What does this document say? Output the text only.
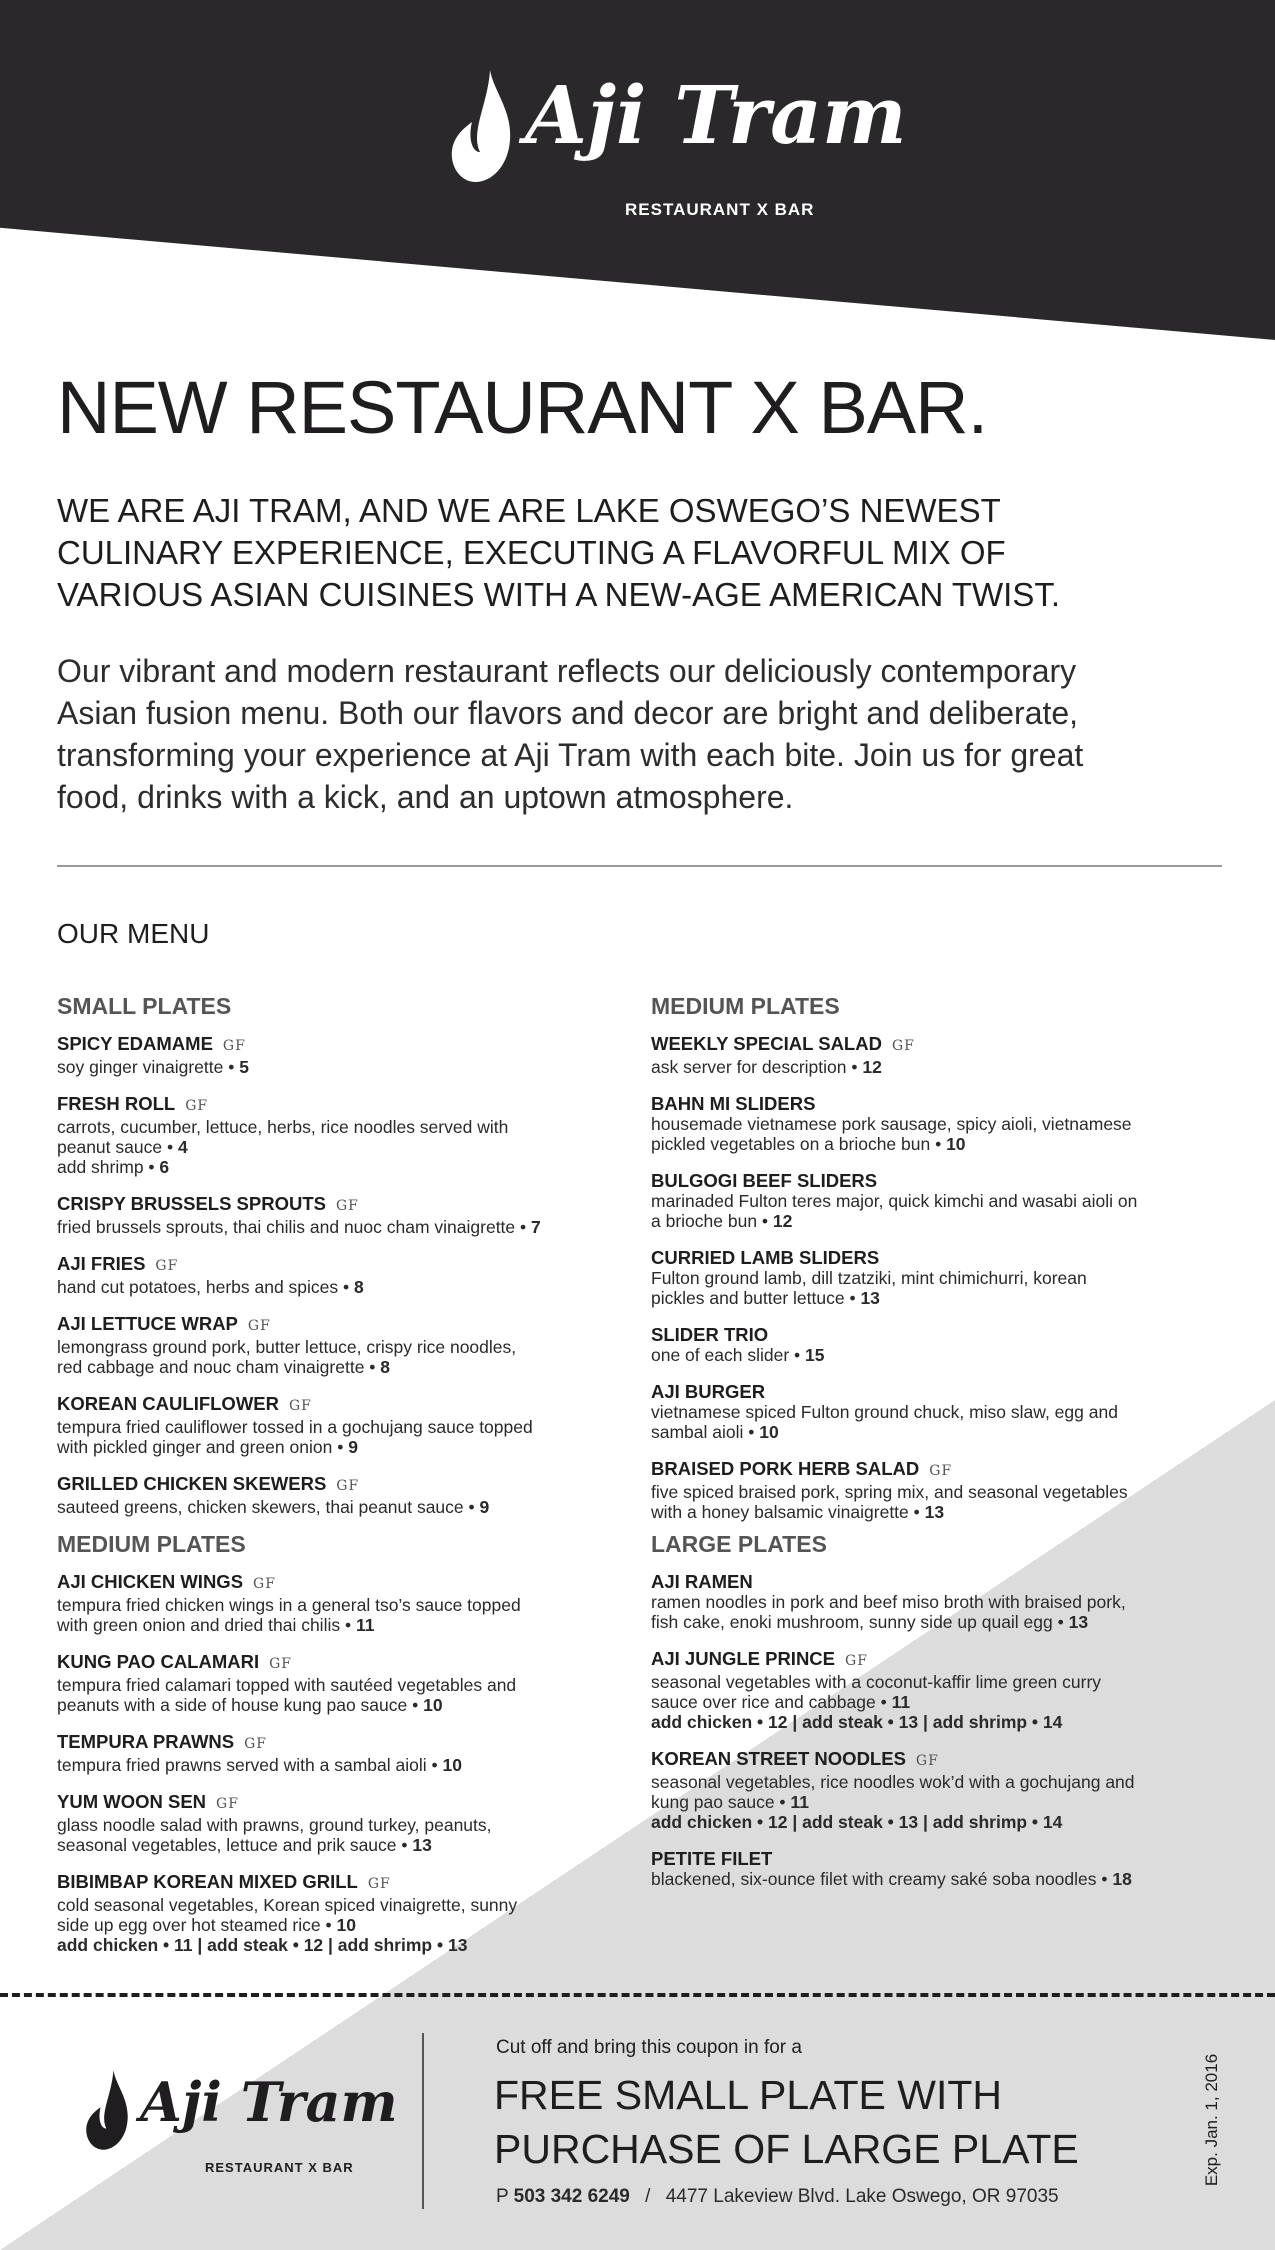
Aji Tram
RESTAURANT X BAR
NEW RESTAURANT X BAR.
WE ARE AJI TRAM, AND WE ARE LAKE OSWEGO’S NEWEST
CULINARY EXPERIENCE, EXECUTING A FLAVORFUL MIX OF
VARIOUS ASIAN CUISINES WITH A NEW-AGE AMERICAN TWIST.
Our vibrant and modern restaurant reflects our deliciously contemporary
Asian fusion menu. Both our flavors and decor are bright and deliberate,
transforming your experience at Aji Tram with each bite. Join us for great
food, drinks with a kick, and an uptown atmosphere.
OUR MENU
SMALL PLATES
SPICY EDAMAME GF
soy ginger vinaigrette • 5
FRESH ROLL GF
carrots, cucumber, lettuce, herbs, rice noodles served with
peanut sauce • 4
add shrimp • 6
CRISPY BRUSSELS SPROUTS GF
fried brussels sprouts, thai chilis and nuoc cham vinaigrette • 7
AJI FRIES GF
hand cut potatoes, herbs and spices • 8
AJI LETTUCE WRAP GF
lemongrass ground pork, butter lettuce, crispy rice noodles,
red cabbage and nouc cham vinaigrette • 8
KOREAN CAULIFLOWER GF
tempura fried cauliflower tossed in a gochujang sauce topped
with pickled ginger and green onion • 9
GRILLED CHICKEN SKEWERS GF
sauteed greens, chicken skewers, thai peanut sauce • 9
MEDIUM PLATES
AJI CHICKEN WINGS GF
tempura fried chicken wings in a general tso’s sauce topped
with green onion and dried thai chilis • 11
KUNG PAO CALAMARI GF
tempura fried calamari topped with sautéed vegetables and
peanuts with a side of house kung pao sauce • 10
TEMPURA PRAWNS GF
tempura fried prawns served with a sambal aioli • 10
YUM WOON SEN GF
glass noodle salad with prawns, ground turkey, peanuts,
seasonal vegetables, lettuce and prik sauce • 13
BIBIMBAP KOREAN MIXED GRILL GF
cold seasonal vegetables, Korean spiced vinaigrette, sunny
side up egg over hot steamed rice • 10
add chicken • 11 | add steak • 12 | add shrimp • 13
MEDIUM PLATES
WEEKLY SPECIAL SALAD GF
ask server for description • 12
BAHN MI SLIDERS
housemade vietnamese pork sausage, spicy aioli, vietnamese
pickled vegetables on a brioche bun • 10
BULGOGI BEEF SLIDERS
marinaded Fulton teres major, quick kimchi and wasabi aioli on
a brioche bun • 12
CURRIED LAMB SLIDERS
Fulton ground lamb, dill tzatziki, mint chimichurri, korean
pickles and butter lettuce • 13
SLIDER TRIO
one of each slider • 15
AJI BURGER
vietnamese spiced Fulton ground chuck, miso slaw, egg and
sambal aioli • 10
BRAISED PORK HERB SALAD GF
five spiced braised pork, spring mix, and seasonal vegetables
with a honey balsamic vinaigrette • 13
LARGE PLATES
AJI RAMEN
ramen noodles in pork and beef miso broth with braised pork,
fish cake, enoki mushroom, sunny side up quail egg • 13
AJI JUNGLE PRINCE GF
seasonal vegetables with a coconut-kaffir lime green curry
sauce over rice and cabbage • 11
add chicken • 12 | add steak • 13 | add shrimp • 14
KOREAN STREET NOODLES GF
seasonal vegetables, rice noodles wok’d with a gochujang and
kung pao sauce • 11
add chicken • 12 | add steak • 13 | add shrimp • 14
PETITE FILET
blackened, six-ounce filet with creamy saké soba noodles • 18
Aji Tram
RESTAURANT X BAR
Cut off and bring this coupon in for a
FREE SMALL PLATE WITH
PURCHASE OF LARGE PLATE
P 503 342 6249 / 4477 Lakeview Blvd. Lake Oswego, OR 97035
Exp. Jan. 1, 2016
